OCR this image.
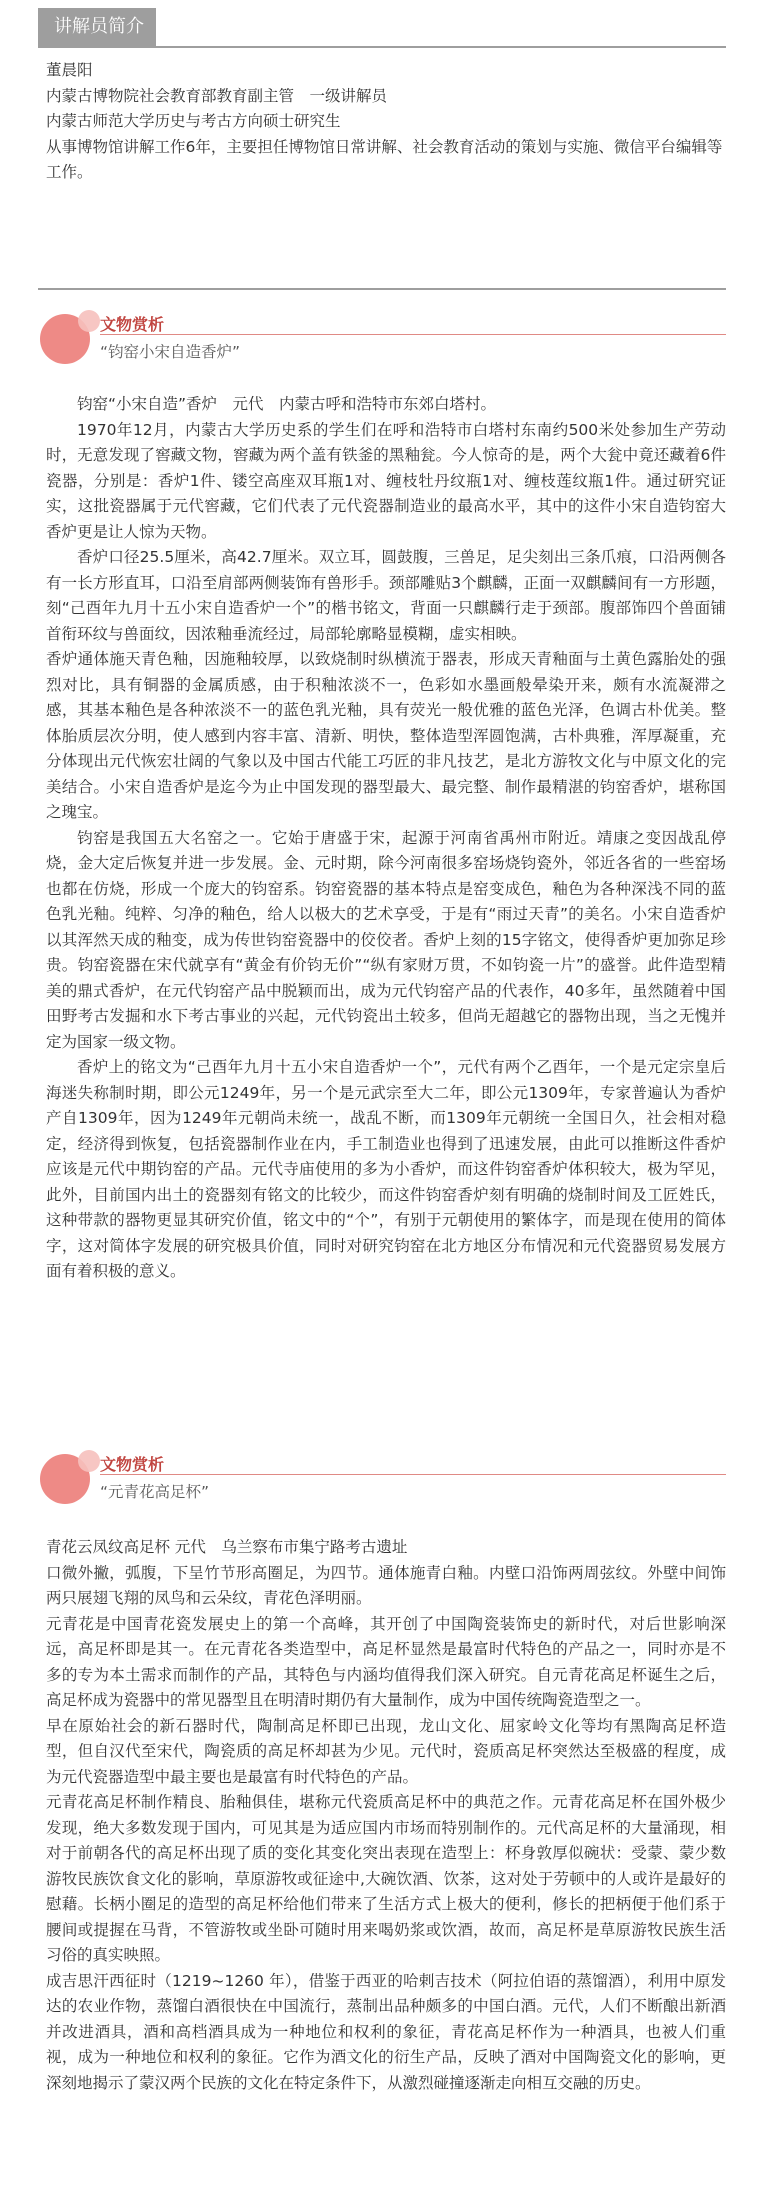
讲解员简介
董晨阳
内蒙古博物院社会教育部教育副主管　一级讲解员
内蒙古师范大学历史与考古方向硕士研究生
从事博物馆讲解工作6年，主要担任博物馆日常讲解、社会教育活动的策划与实施、微信平台编辑等工作。
文物赏析
“钧窑小宋自造香炉”

钧窑“小宋自造”香炉　元代　内蒙古呼和浩特市东郊白塔村。

1970年12月，内蒙古大学历史系的学生们在呼和浩特市白塔村东南约500米处参加生产劳动时，无意发现了窖藏文物，窖藏为两个盖有铁釜的黑釉瓮。今人惊奇的是，两个大瓮中竟还藏着6件瓷器，分别是：香炉1件、镂空高座双耳瓶1对、缠枝牡丹纹瓶1对、缠枝莲纹瓶1件。通过研究证实，这批瓷器属于元代窖藏，它们代表了元代瓷器制造业的最高水平，其中的这件小宋自造钧窑大香炉更是让人惊为天物。

香炉口径25.5厘米，高42.7厘米。双立耳，圆鼓腹，三兽足，足尖刻出三条爪痕，口沿两侧各有一长方形直耳，口沿至肩部两侧装饰有兽形手。颈部雕贴3个麒麟，正面一双麒麟间有一方形题，刻“己酉年九月十五小宋自造香炉一个”的楷书铭文，背面一只麒麟行走于颈部。腹部饰四个兽面铺首衔环纹与兽面纹，因浓釉垂流经过，局部轮廓略显模糊，虚实相映。

香炉通体施天青色釉，因施釉较厚，以致烧制时纵横流于器表，形成天青釉面与土黄色露胎处的强烈对比，具有铜器的金属质感，由于积釉浓淡不一，色彩如水墨画般晕染开来，颇有水流凝滞之感，其基本釉色是各种浓淡不一的蓝色乳光釉，具有荧光一般优雅的蓝色光泽，色调古朴优美。整体胎质层次分明，使人感到内容丰富、清新、明快，整体造型浑圆饱满，古朴典雅，浑厚凝重，充分体现出元代恢宏壮阔的气象以及中国古代能工巧匠的非凡技艺，是北方游牧文化与中原文化的完美结合。小宋自造香炉是迄今为止中国发现的器型最大、最完整、制作最精湛的钧窑香炉，堪称国之瑰宝。

钧窑是我国五大名窑之一。它始于唐盛于宋，起源于河南省禹州市附近。靖康之变因战乱停烧，金大定后恢复并进一步发展。金、元时期，除今河南很多窑场烧钧瓷外，邻近各省的一些窑场也都在仿烧，形成一个庞大的钧窑系。钧窑瓷器的基本特点是窑变成色，釉色为各种深浅不同的蓝色乳光釉。纯粹、匀净的釉色，给人以极大的艺术享受，于是有“雨过天青”的美名。小宋自造香炉以其浑然天成的釉变，成为传世钧窑瓷器中的佼佼者。香炉上刻的15字铭文，使得香炉更加弥足珍贵。钧窑瓷器在宋代就享有“黄金有价钧无价”“纵有家财万贯，不如钧瓷一片”的盛誉。此件造型精美的鼎式香炉，在元代钧窑产品中脱颖而出，成为元代钧窑产品的代表作，40多年，虽然随着中国田野考古发掘和水下考古事业的兴起，元代钧瓷出土较多，但尚无超越它的器物出现，当之无愧并定为国家一级文物。

香炉上的铭文为“己酉年九月十五小宋自造香炉一个”，元代有两个乙酉年，一个是元定宗皇后海迷失称制时期，即公元1249年，另一个是元武宗至大二年，即公元1309年，专家普遍认为香炉产自1309年，因为1249年元朝尚未统一，战乱不断，而1309年元朝统一全国日久，社会相对稳定，经济得到恢复，包括瓷器制作业在内，手工制造业也得到了迅速发展，由此可以推断这件香炉应该是元代中期钧窑的产品。元代寺庙使用的多为小香炉，而这件钧窑香炉体积较大，极为罕见，此外，目前国内出土的瓷器刻有铭文的比较少，而这件钧窑香炉刻有明确的烧制时间及工匠姓氏，这种带款的器物更显其研究价值，铭文中的“个”，有别于元朝使用的繁体字，而是现在使用的简体字，这对简体字发展的研究极具价值，同时对研究钧窑在北方地区分布情况和元代瓷器贸易发展方面有着积极的意义。

文物赏析
“元青花高足杯”

青花云凤纹高足杯 元代　乌兰察布市集宁路考古遗址

口微外撇，弧腹，下呈竹节形高圈足，为四节。通体施青白釉。内壁口沿饰两周弦纹。外壁中间饰两只展翅飞翔的凤鸟和云朵纹，青花色泽明丽。

元青花是中国青花瓷发展史上的第一个高峰，其开创了中国陶瓷装饰史的新时代，对后世影响深远，高足杯即是其一。在元青花各类造型中，高足杯显然是最富时代特色的产品之一，同时亦是不多的专为本土需求而制作的产品，其特色与内涵均值得我们深入研究。自元青花高足杯诞生之后，高足杯成为瓷器中的常见器型且在明清时期仍有大量制作，成为中国传统陶瓷造型之一。

早在原始社会的新石器时代，陶制高足杯即已出现，龙山文化、屈家岭文化等均有黑陶高足杯造型，但自汉代至宋代，陶瓷质的高足杯却甚为少见。元代时，瓷质高足杯突然达至极盛的程度，成为元代瓷器造型中最主要也是最富有时代特色的产品。

元青花高足杯制作精良、胎釉俱佳，堪称元代瓷质高足杯中的典范之作。元青花高足杯在国外极少发现，绝大多数发现于国内，可见其是为适应国内市场而特别制作的。元代高足杯的大量涌现，相对于前朝各代的高足杯出现了质的变化其变化突出表现在造型上：杯身敦厚似碗状：受蒙、蒙少数游牧民族饮食文化的影响，草原游牧或征途中,大碗饮酒、饮茶，这对处于劳顿中的人或许是最好的慰藉。长柄小圈足的造型的高足杯给他们带来了生活方式上极大的便利，修长的把柄便于他们系于腰间或提握在马背，不管游牧或坐卧可随时用来喝奶浆或饮酒，故而，高足杯是草原游牧民族生活习俗的真实映照。

成吉思汗西征时（1219~1260 年），借鉴于西亚的哈剌吉技术（阿拉伯语的蒸馏酒），利用中原发达的农业作物，蒸馏白酒很快在中国流行，蒸制出品种颇多的中国白酒。元代，人们不断酿出新酒并改进酒具，酒和高档酒具成为一种地位和权利的象征，青花高足杯作为一种酒具，也被人们重视，成为一种地位和权利的象征。它作为酒文化的衍生产品，反映了酒对中国陶瓷文化的影响，更深刻地揭示了蒙汉两个民族的文化在特定条件下，从激烈碰撞逐渐走向相互交融的历史。
